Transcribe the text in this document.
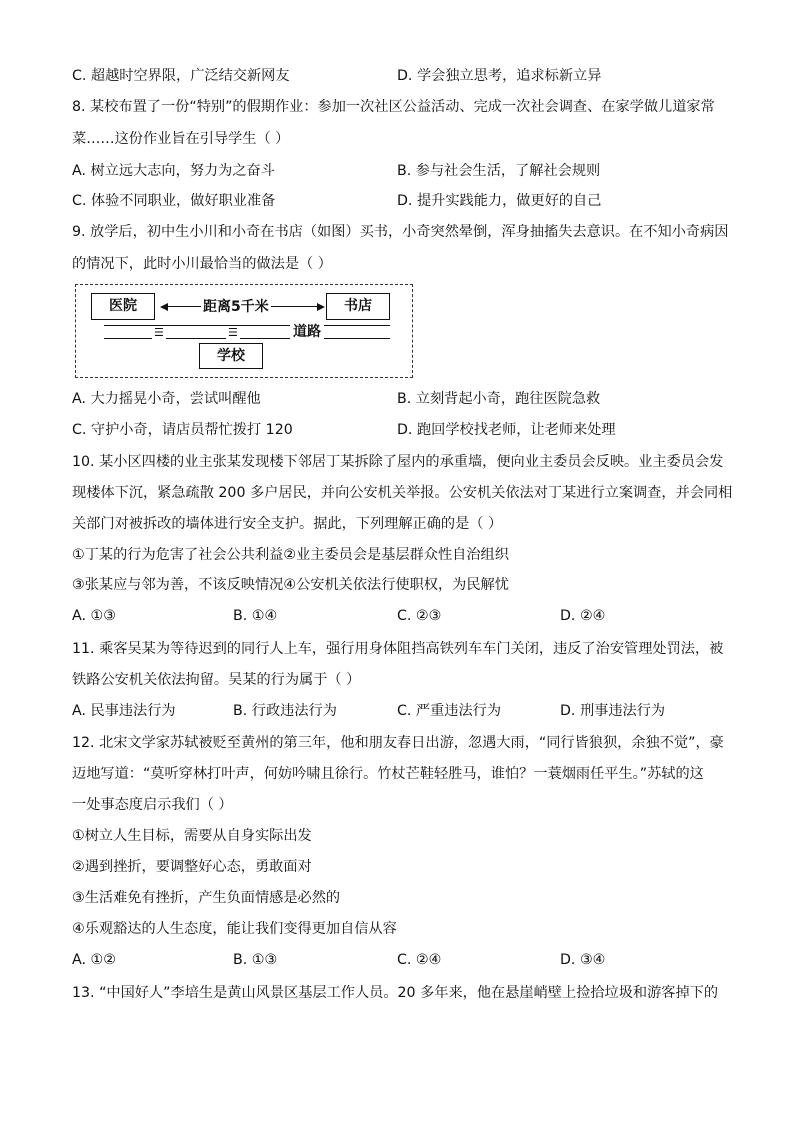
C. 超越时空界限，广泛结交新网友	D. 学会独立思考，追求标新立异
8. 某校布置了一份“特别”的假期作业：参加一次社区公益活动、完成一次社会调查、在家学做儿道家常
菜……这份作业旨在引导学生（ ）
A. 树立远大志向，努力为之奋斗	B. 参与社会生活，了解社会规则
C. 体验不同职业，做好职业准备	D. 提升实践能力，做更好的自己
9. 放学后，初中生小川和小奇在书店（如图）买书，小奇突然晕倒，浑身抽搐失去意识。在不知小奇病因
的情况下，此时小川最恰当的做法是（ ）
医院	书店
距离5千米
☰	☰	道路
学校
A. 大力摇晃小奇，尝试叫醒他	B. 立刻背起小奇，跑往医院急救
C. 守护小奇，请店员帮忙拨打 120	D. 跑回学校找老师，让老师来处理
10. 某小区四楼的业主张某发现楼下邻居丁某拆除了屋内的承重墙，便向业主委员会反映。业主委员会发
现楼体下沉，紧急疏散 200 多户居民，并向公安机关举报。公安机关依法对丁某进行立案调查，并会同相
关部门对被拆改的墙体进行安全支护。据此，下列理解正确的是（ ）
①丁某的行为危害了社会公共利益②业主委员会是基层群众性自治组织
③张某应与邻为善，不该反映情况④公安机关依法行使职权，为民解忧
A. ①③	B. ①④	C. ②③	D. ②④
11. 乘客吴某为等待迟到的同行人上车，强行用身体阻挡高铁列车车门关闭，违反了治安管理处罚法，被
铁路公安机关依法拘留。吴某的行为属于（ ）
A. 民事违法行为	B. 行政违法行为	C. 严重违法行为	D. 刑事违法行为
12. 北宋文学家苏轼被贬至黄州的第三年，他和朋友春日出游，忽遇大雨，“同行皆狼狈，余独不觉”，豪
迈地写道：“莫听穿林打叶声，何妨吟啸且徐行。竹杖芒鞋轻胜马，谁怕？一蓑烟雨任平生。”苏轼的这
一处事态度启示我们（ ）
①树立人生目标，需要从自身实际出发
②遇到挫折，要调整好心态，勇敢面对
③生活难免有挫折，产生负面情感是必然的
④乐观豁达的人生态度，能让我们变得更加自信从容
A. ①②	B. ①③	C. ②④	D. ③④
13. “中国好人”李培生是黄山风景区基层工作人员。20 多年来，他在悬崖峭壁上捡拾垃圾和游客掉下的
